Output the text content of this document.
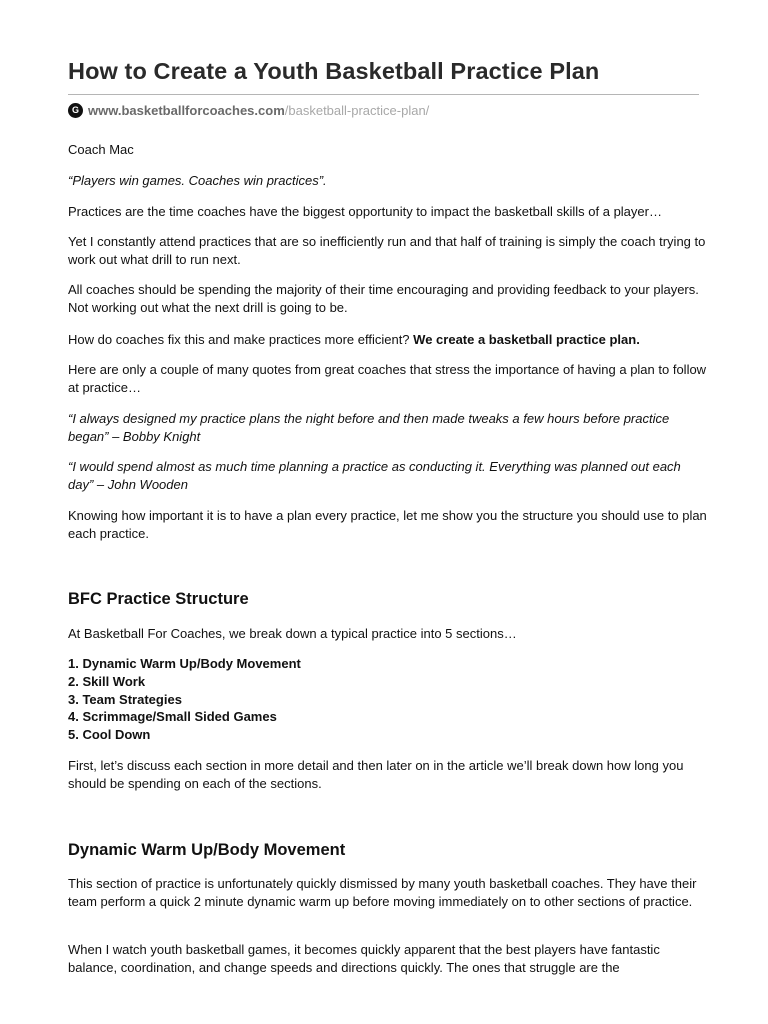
How to Create a Youth Basketball Practice Plan
G www.basketballforcoaches.com /basketball-practice-plan/

Coach Mac

“Players win games. Coaches win practices”.

Practices are the time coaches have the biggest opportunity to impact the basketball skills of a player…

Yet I constantly attend practices that are so inefficiently run and that half of training is simply the coach trying to work out what drill to run next.

All coaches should be spending the majority of their time encouraging and providing feedback to your players. Not working out what the next drill is going to be.

How do coaches fix this and make practices more efficient? We create a basketball practice plan.

Here are only a couple of many quotes from great coaches that stress the importance of having a plan to follow at practice…

“I always designed my practice plans the night before and then made tweaks a few hours before practice began” – Bobby Knight

“I would spend almost as much time planning a practice as conducting it. Everything was planned out each day” – John Wooden

Knowing how important it is to have a plan every practice, let me show you the structure you should use to plan each practice.

BFC Practice Structure

At Basketball For Coaches, we break down a typical practice into 5 sections…

1. Dynamic Warm Up/Body Movement
2. Skill Work
3. Team Strategies
4. Scrimmage/Small Sided Games
5. Cool Down

First, let’s discuss each section in more detail and then later on in the article we’ll break down how long you should be spending on each of the sections.

Dynamic Warm Up/Body Movement

This section of practice is unfortunately quickly dismissed by many youth basketball coaches. They have their team perform a quick 2 minute dynamic warm up before moving immediately on to other sections of practice.

When I watch youth basketball games, it becomes quickly apparent that the best players have fantastic balance, coordination, and change speeds and directions quickly. The ones that struggle are the
